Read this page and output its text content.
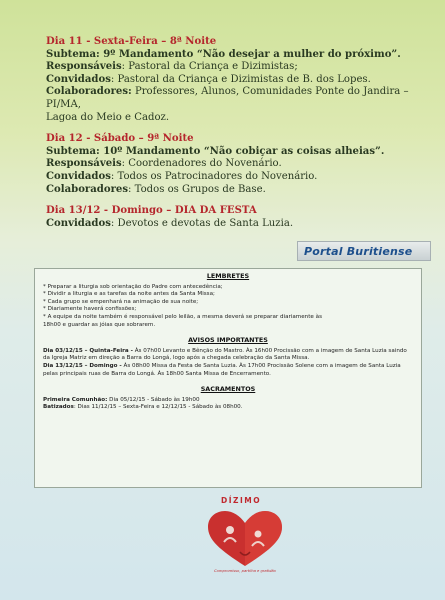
Dia 11 - Sexta-Feira – 8ª Noite
Subtema: 9º Mandamento “Não desejar a mulher do próximo”.
Responsáveis: Pastoral da Criança e Dizimistas;
Convidados: Pastoral da Criança e Dizimistas de B. dos Lopes.
Colaboradores: Professores, Alunos, Comunidades Ponte do Jandira – PI/MA,
Lagoa do Meio e Cadoz.
Dia 12 - Sábado – 9ª Noite
Subtema: 10º Mandamento “Não cobiçar as coisas alheias”.
Responsáveis: Coordenadores do Novenário.
Convidados: Todos os Patrocinadores do Novenário.
Colaboradores: Todos os Grupos de Base.
Dia 13/12 - Domingo – DIA DA FESTA
Convidados: Devotos e devotas de Santa Luzia.
Portal Buritiense
LEMBRETES

* Preparar a liturgia sob orientação do Padre com antecedência;

* Dividir a liturgia e as tarefas da noite antes da Santa Missa;

* Cada grupo se empenhará na animação de sua noite;

* Diariamente haverá confissões;

* A equipe da noite também é responsável pelo leilão, a mesma deverá se preparar diariamente às

18h00 e guardar as jóias que sobrarem.

AVISOS IMPORTANTES

Dia 03/12/15 – Quinta-Feira - Às 07h00 Levanto e Bênção do Mastro. Às 16h00 Procissão com a imagem de Santa Luzia saindo da Igreja Matriz em direção a Barra do Longá, logo após a chegada celebração da Santa Missa.

Dia 13/12/15 – Domingo - Às 08h00 Missa da Festa de Santa Luzia. Às 17h00 Procissão Solene com a imagem de Santa Luzia pelas principais ruas de Barra do Longá. Às 18h00 Santa Missa de Encerramento.

SACRAMENTOS

Primeira Comunhão: Dia 05/12/15 - Sábado às 19h00

Batizados: Dias 11/12/15 – Sexta-Feira e 12/12/15 - Sábado às 08h00.

DÍZIMO
Compromisso, partilha e gratidão
